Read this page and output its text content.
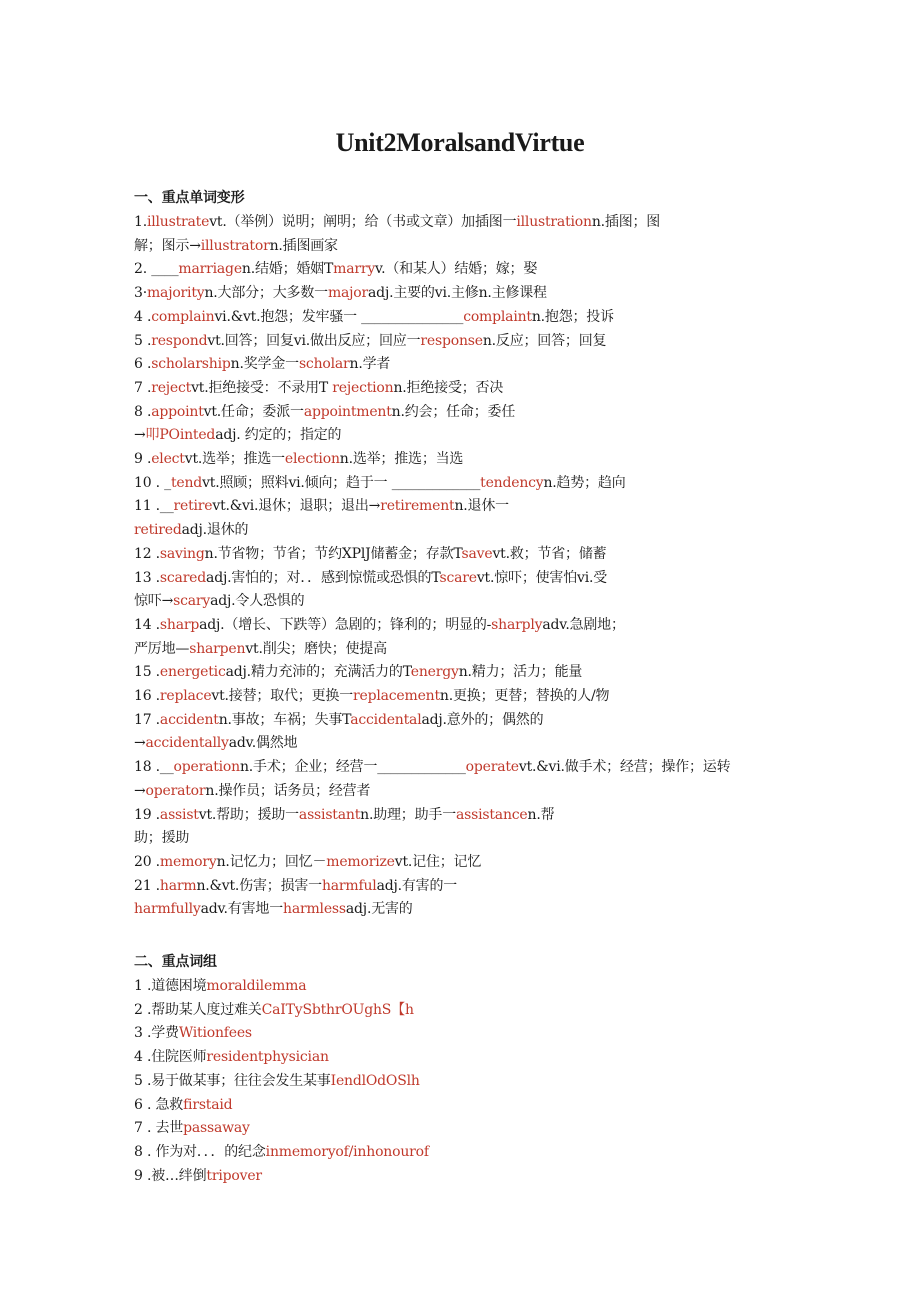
Unit2MoralsandVirtue
一、重点单词变形
1.illustratevt.（举例）说明；阐明；给（书或文章）加插图一illustrationn.插图；图
解；图示→illustratorn.插图画家
2. ____marriagen.结婚；婚姻Tmarryv.（和某人）结婚；嫁；娶
3·majorityn.大部分；大多数一majoradj.主要的vi.主修n.主修课程
4 .complainvi.&vt.抱怨；发牢骚一 _______________complaintn.抱怨；投诉
5 .respondvt.回答；回复vi.做出反应；回应一responsen.反应；回答；回复
6 .scholarshipn.奖学金一scholarn.学者
7 .rejectvt.拒绝接受：不录用T rejectionn.拒绝接受；否决
8 .appointvt.任命；委派一appointmentn.约会；任命；委任
→叩POintedadj. 约定的；指定的
9 .electvt.选举；推选一electionn.选举；推选；当选
10 . _tendvt.照顾；照料vi.倾向；趋于一 _____________tendencyn.趋势；趋向
11 .__retirevt.&vi.退休；退职；退出→retirementn.退休一
retiredadj.退休的
12 .savingn.节省物；节省；节约XPlJ储蓄金；存款Tsavevt.救；节省；储蓄
13 .scaredadj.害怕的；对．．感到惊慌或恐惧的Tscarevt.惊吓；使害怕vi.受
惊吓→scaryadj.令人恐惧的
14 .sharpadj.（增长、下跌等）急剧的；锋利的；明显的-sharplyadv.急剧地；
严厉地—sharpenvt.削尖；磨快；使提高
15 .energeticadj.精力充沛的；充满活力的Tenergyn.精力；活力；能量
16 .replacevt.接替；取代；更换一replacementn.更换；更替；替换的人/物
17 .accidentn.事故；车祸；失事Taccidentaladj.意外的；偶然的
→accidentallyadv.偶然地
18 .__operationn.手术；企业；经营一_____________operatevt.&vi.做手术；经营；操作；运转
→operatorn.操作员；话务员；经营者
19 .assistvt.帮助；援助一assistantn.助理；助手一assistancen.帮
助；援助
20 .memoryn.记忆力；回忆－memorizevt.记住；记忆
21 .harmn.&vt.伤害；损害一harmfuladj.有害的一
harmfullyadv.有害地一harmlessadj.无害的
二、重点词组
1 .道德困境moraldilemma
2 .帮助某人度过难关CaITySbthrOUghS【h
3 .学费Witionfees
4 .住院医师residentphysician
5 .易于做某事；往往会发生某事IendlOdOSlh
6 . 急救firstaid
7 . 去世passaway
8 . 作为对．．．的纪念inmemoryof/inhonourof
9 .被…绊倒tripover
